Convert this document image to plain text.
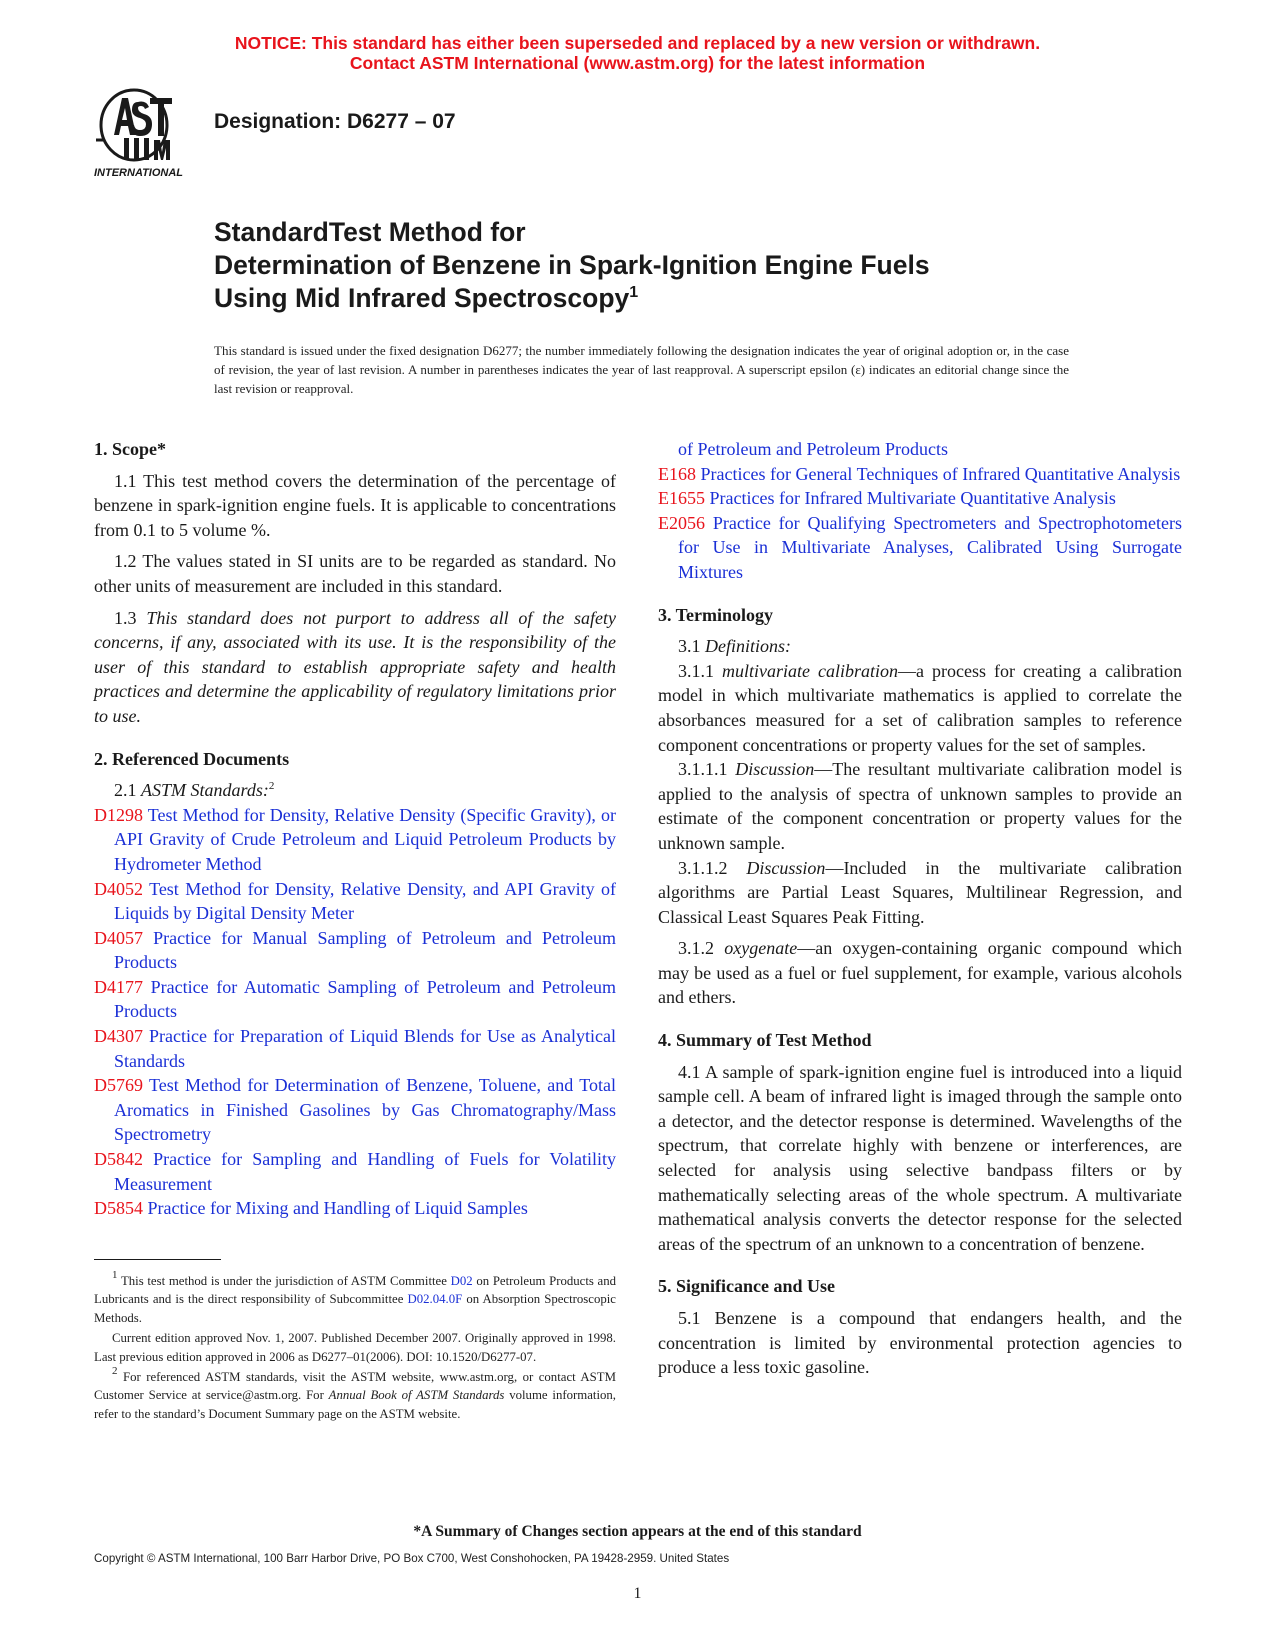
NOTICE: This standard has either been superseded and replaced by a new version or withdrawn.
Contact ASTM International (www.astm.org) for the latest information
INTERNATIONAL
Designation: D6277 – 07
StandardTest Method for
Determination of Benzene in Spark-Ignition Engine Fuels
Using Mid Infrared Spectroscopy$^1$
This standard is issued under the fixed designation D6277; the number immediately following the designation indicates the year of original adoption or, in the case of revision, the year of last revision. A number in parentheses indicates the year of last reapproval. A superscript epsilon (ε) indicates an editorial change since the last revision or reapproval.
1. Scope*

1.1 This test method covers the determination of the percentage of benzene in spark-ignition engine fuels. It is applicable to concentrations from 0.1 to 5 volume %.

1.2 The values stated in SI units are to be regarded as standard. No other units of measurement are included in this standard.

1.3 This standard does not purport to address all of the safety concerns, if any, associated with its use. It is the responsibility of the user of this standard to establish appropriate safety and health practices and determine the applicability of regulatory limitations prior to use.

2. Referenced Documents

2.1 ASTM Standards:$^2$

D1298 Test Method for Density, Relative Density (Specific Gravity), or API Gravity of Crude Petroleum and Liquid Petroleum Products by Hydrometer Method

D4052 Test Method for Density, Relative Density, and API Gravity of Liquids by Digital Density Meter

D4057 Practice for Manual Sampling of Petroleum and Petroleum Products

D4177 Practice for Automatic Sampling of Petroleum and Petroleum Products

D4307 Practice for Preparation of Liquid Blends for Use as Analytical Standards

D5769 Test Method for Determination of Benzene, Toluene, and Total Aromatics in Finished Gasolines by Gas Chromatography/Mass Spectrometry

D5842 Practice for Sampling and Handling of Fuels for Volatility Measurement

D5854 Practice for Mixing and Handling of Liquid Samples

$^1$ This test method is under the jurisdiction of ASTM Committee D02 on Petroleum Products and Lubricants and is the direct responsibility of Subcommittee D02.04.0F on Absorption Spectroscopic Methods.

Current edition approved Nov. 1, 2007. Published December 2007. Originally approved in 1998. Last previous edition approved in 2006 as D6277–01(2006). DOI: 10.1520/D6277-07.

$^2$ For referenced ASTM standards, visit the ASTM website, www.astm.org, or contact ASTM Customer Service at service@astm.org. For Annual Book of ASTM Standards volume information, refer to the standard’s Document Summary page on the ASTM website.

of Petroleum and Petroleum Products

E168 Practices for General Techniques of Infrared Quantitative Analysis

E1655 Practices for Infrared Multivariate Quantitative Analysis

E2056 Practice for Qualifying Spectrometers and Spectrophotometers for Use in Multivariate Analyses, Calibrated Using Surrogate Mixtures

3. Terminology

3.1 Definitions:

3.1.1 multivariate calibration—a process for creating a calibration model in which multivariate mathematics is applied to correlate the absorbances measured for a set of calibration samples to reference component concentrations or property values for the set of samples.

3.1.1.1 Discussion—The resultant multivariate calibration model is applied to the analysis of spectra of unknown samples to provide an estimate of the component concentration or property values for the unknown sample.

3.1.1.2 Discussion—Included in the multivariate calibration algorithms are Partial Least Squares, Multilinear Regression, and Classical Least Squares Peak Fitting.

3.1.2 oxygenate—an oxygen-containing organic compound which may be used as a fuel or fuel supplement, for example, various alcohols and ethers.

4. Summary of Test Method

4.1 A sample of spark-ignition engine fuel is introduced into a liquid sample cell. A beam of infrared light is imaged through the sample onto a detector, and the detector response is determined. Wavelengths of the spectrum, that correlate highly with benzene or interferences, are selected for analysis using selective bandpass filters or by mathematically selecting areas of the whole spectrum. A multivariate mathematical analysis converts the detector response for the selected areas of the spectrum of an unknown to a concentration of benzene.

5. Significance and Use

5.1 Benzene is a compound that endangers health, and the concentration is limited by environmental protection agencies to produce a less toxic gasoline.

*A Summary of Changes section appears at the end of this standard
Copyright © ASTM International, 100 Barr Harbor Drive, PO Box C700, West Conshohocken, PA 19428-2959. United States
1
